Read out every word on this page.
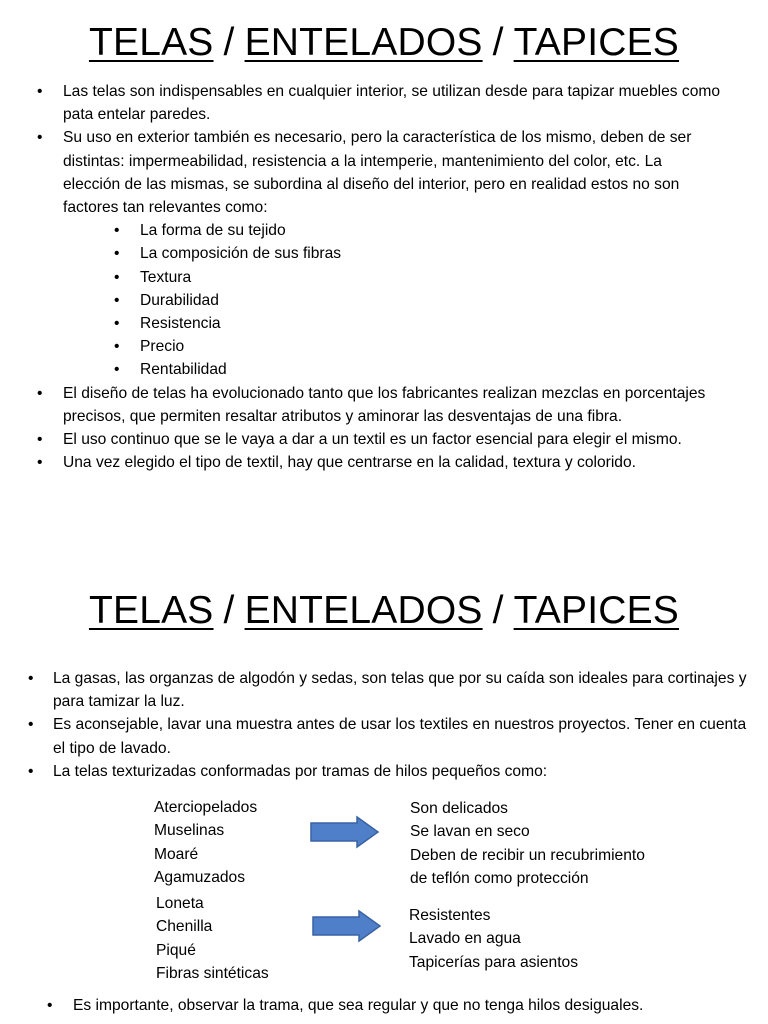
TELAS / ENTELADOS / TAPICES
• Las telas son indispensables en cualquier interior, se utilizan desde para tapizar muebles como pata entelar paredes.
• Su uso en exterior también es necesario, pero la característica de los mismo, deben de ser distintas: impermeabilidad, resistencia a la intemperie, mantenimiento del color, etc. La elección de las mismas, se subordina al diseño del interior, pero en realidad estos no son factores tan relevantes como:
• La forma de su tejido
• La composición de sus fibras
• Textura
• Durabilidad
• Resistencia
• Precio
• Rentabilidad
• El diseño de telas ha evolucionado tanto que los fabricantes realizan mezclas en porcentajes precisos, que permiten resaltar atributos y aminorar las desventajas de una fibra.
• El uso continuo que se le vaya a dar a un textil es un factor esencial para elegir el mismo.
• Una vez elegido el tipo de textil, hay que centrarse en la calidad, textura y colorido.
TELAS / ENTELADOS / TAPICES
• La gasas, las organzas de algodón y sedas, son telas que por su caída son ideales para cortinajes y para tamizar la luz.
• Es aconsejable, lavar una muestra antes de usar los textiles en nuestros proyectos. Tener en cuenta el tipo de lavado.
• La telas texturizadas conformadas por tramas de hilos pequeños como:
Aterciopelados
Muselinas
Moaré
Agamuzados
Son delicados
Se lavan en seco
Deben de recibir un recubrimiento
de teflón como protección
Loneta
Chenilla
Piqué
Fibras sintéticas
Resistentes
Lavado en agua
Tapicerías para asientos
• Es importante, observar la trama, que sea regular y que no tenga hilos desiguales.
